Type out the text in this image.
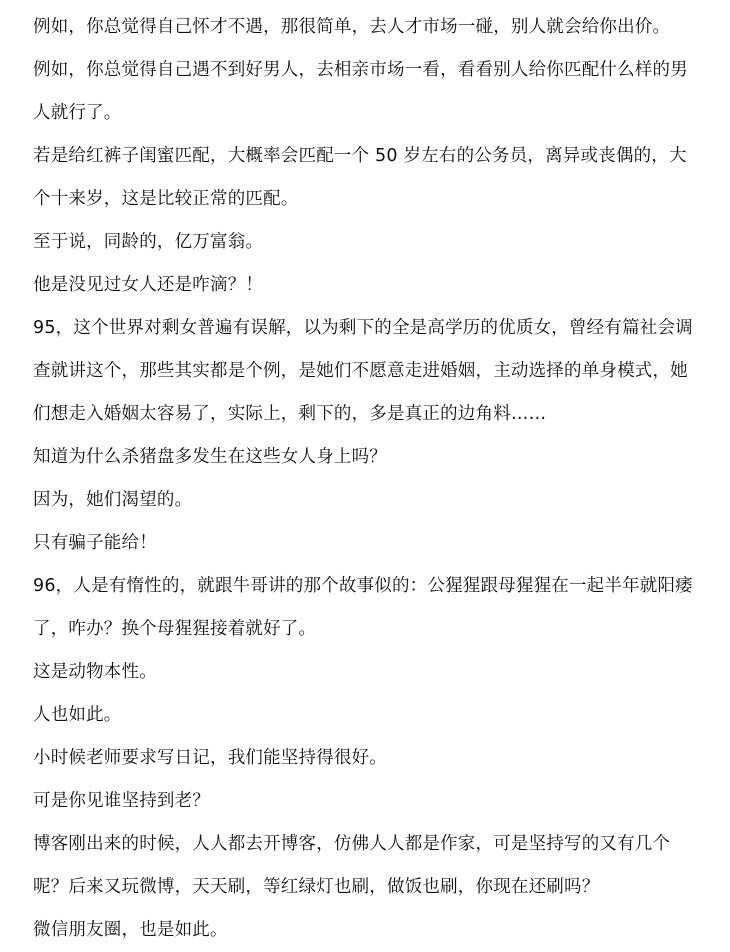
例如，你总觉得自己怀才不遇，那很简单，去人才市场一碰，别人就会给你出价。

例如，你总觉得自己遇不到好男人，去相亲市场一看，看看别人给你匹配什么样的男人就行了。

若是给红裤子闺蜜匹配，大概率会匹配一个 50 岁左右的公务员，离异或丧偶的，大个十来岁，这是比较正常的匹配。

至于说，同龄的，亿万富翁。

他是没见过女人还是咋滴？！

95，这个世界对剩女普遍有误解，以为剩下的全是高学历的优质女，曾经有篇社会调查就讲这个，那些其实都是个例，是她们不愿意走进婚姻，主动选择的单身模式，她们想走入婚姻太容易了，实际上，剩下的，多是真正的边角料……

知道为什么杀猪盘多发生在这些女人身上吗？

因为，她们渴望的。

只有骗子能给！

96，人是有惰性的，就跟牛哥讲的那个故事似的：公猩猩跟母猩猩在一起半年就阳痿了，咋办？换个母猩猩接着就好了。

这是动物本性。

人也如此。

小时候老师要求写日记，我们能坚持得很好。

可是你见谁坚持到老？

博客刚出来的时候，人人都去开博客，仿佛人人都是作家，可是坚持写的又有几个呢？后来又玩微博，天天刷，等红绿灯也刷，做饭也刷，你现在还刷吗？

微信朋友圈，也是如此。
